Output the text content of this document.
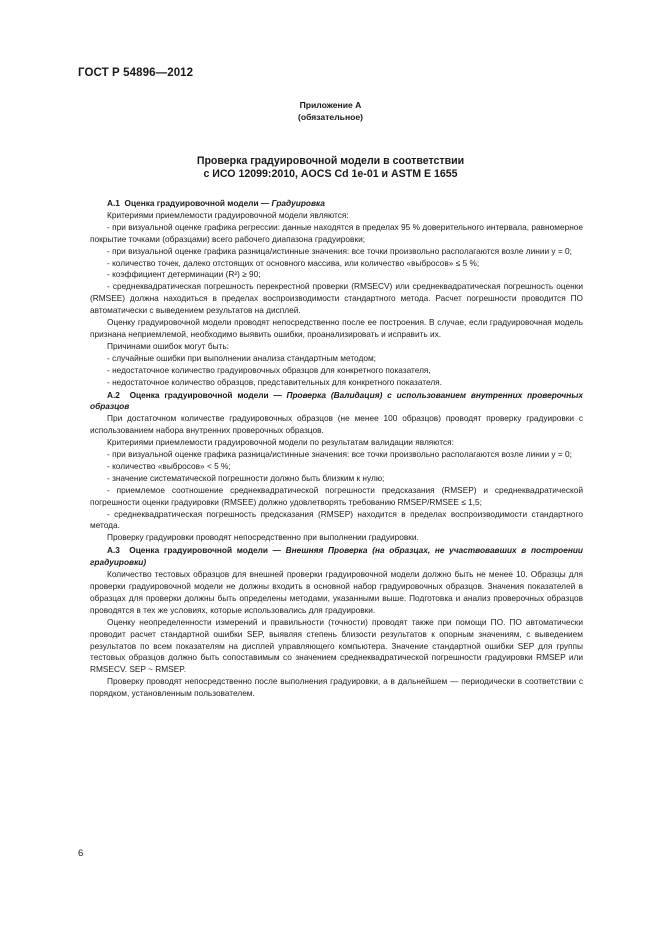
ГОСТ Р 54896—2012
Приложение А
(обязательное)
Проверка градуировочной модели в соответствии
с ИСО 12099:2010, AOCS Cd 1e-01 и ASTM E 1655

А.1 Оценка градуировочной модели — Градуировка

Критериями приемлемости градуировочной модели являются:

- при визуальной оценке графика регрессии: данные находятся в пределах 95 % доверительного интервала, равномерное покрытие точками (образцами) всего рабочего диапазона градуировки;

- при визуальной оценке графика разница/истинные значения: все точки произвольно располагаются возле линии y = 0;

- количество точек, далеко отстоящих от основного массива, или количество «выбросов» ≤ 5 %;

- коэффициент детерминации (R²) ≥ 90;

- среднеквадратическая погрешность перекрестной проверки (RMSECV) или среднеквадратическая погрешность оценки (RMSEE) должна находиться в пределах воспроизводимости стандартного метода. Расчет погрешности проводится ПО автоматически с выведением результатов на дисплей.

Оценку градуировочной модели проводят непосредственно после ее построения. В случае, если градуировочная модель признана неприемлемой, необходимо выявить ошибки, проанализировать и исправить их.

Причинами ошибок могут быть:

- случайные ошибки при выполнении анализа стандартным методом;

- недостаточное количество градуировочных образцов для конкретного показателя,

- недостаточное количество образцов, представительных для конкретного показателя.

А.2 Оценка градуировочной модели — Проверка (Валидация) с использованием внутренних проверочных образцов

При достаточном количестве градуировочных образцов (не менее 100 образцов) проводят проверку градуировки с использованием набора внутренних проверочных образцов.

Критериями приемлемости градуировочной модели по результатам валидации являются:

- при визуальной оценке графика разница/истинные значения: все точки произвольно располагаются возле линии y = 0;

- количество «выбросов» < 5 %;

- значение систематической погрешности должно быть близким к нулю;

- приемлемое соотношение среднеквадратической погрешности предсказания (RMSEP) и среднеквадратической погрешности оценки градуировки (RMSEE) должно удовлетворять требованию RMSEP/RMSEE ≤ 1,5;

- среднеквадратическая погрешность предсказания (RMSEP) находится в пределах воспроизводимости стандартного метода.

Проверку градуировки проводят непосредственно при выполнении градуировки.

А.3 Оценка градуировочной модели — Внешняя Проверка (на образцах, не участвовавших в построении градуировки)

Количество тестовых образцов для внешней проверки градуировочной модели должно быть не менее 10. Образцы для проверки градуировочной модели не должны входить в основной набор градуировочных образцов. Значения показателей в образцах для проверки должны быть определены методами, указанными выше. Подготовка и анализ проверочных образцов проводятся в тех же условиях, которые использовались для градуировки.

Оценку неопределенности измерений и правильности (точности) проводят также при помощи ПО. ПО автоматически проводит расчет стандартной ошибки SEP, выявляя степень близости результатов к опорным значениям, с выведением результатов по всем показателям на дисплей управляющего компьютера. Значение стандартной ошибки SEP для группы тестовых образцов должно быть сопоставимым со значением среднеквадратической погрешности градуировки RMSEP или RMSECV. SEP ~ RMSEP.

Проверку проводят непосредственно после выполнения градуировки, а в дальнейшем — периодически в соответствии с порядком, установленным пользователем.

6
